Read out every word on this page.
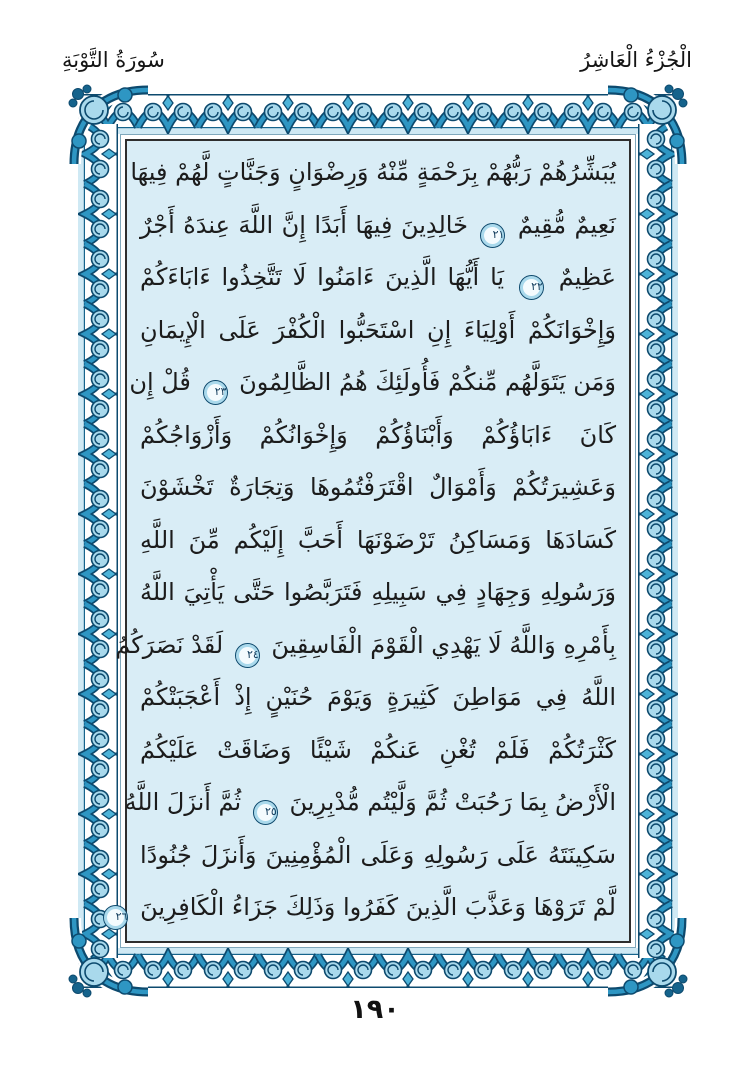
الْجُزْءُ الْعَاشِرُ
سُورَةُ التَّوْبَةِ
يُبَشِّرُهُمْ رَبُّهُمْ بِرَحْمَةٍ مِّنْهُ وَرِضْوَانٍ وَجَنَّاتٍ لَّهُمْ فِيهَا
نَعِيمٌ مُّقِيمٌ ٢١ خَالِدِينَ فِيهَا أَبَدًا إِنَّ اللَّهَ عِندَهُ أَجْرٌ
عَظِيمٌ ٢٢ يَا أَيُّهَا الَّذِينَ ءَامَنُوا لَا تَتَّخِذُوا ءَابَاءَكُمْ
وَإِخْوَانَكُمْ أَوْلِيَاءَ إِنِ اسْتَحَبُّوا الْكُفْرَ عَلَى الْإِيمَانِ
وَمَن يَتَوَلَّهُم مِّنكُمْ فَأُولَئِكَ هُمُ الظَّالِمُونَ ٢٣ قُلْ إِن
كَانَ ءَابَاؤُكُمْ وَأَبْنَاؤُكُمْ وَإِخْوَانُكُمْ وَأَزْوَاجُكُمْ
وَعَشِيرَتُكُمْ وَأَمْوَالٌ اقْتَرَفْتُمُوهَا وَتِجَارَةٌ تَخْشَوْنَ
كَسَادَهَا وَمَسَاكِنُ تَرْضَوْنَهَا أَحَبَّ إِلَيْكُم مِّنَ اللَّهِ
وَرَسُولِهِ وَجِهَادٍ فِي سَبِيلِهِ فَتَرَبَّصُوا حَتَّى يَأْتِيَ اللَّهُ
بِأَمْرِهِ وَاللَّهُ لَا يَهْدِي الْقَوْمَ الْفَاسِقِينَ ٢٤ لَقَدْ نَصَرَكُمُ
اللَّهُ فِي مَوَاطِنَ كَثِيرَةٍ وَيَوْمَ حُنَيْنٍ إِذْ أَعْجَبَتْكُمْ
كَثْرَتُكُمْ فَلَمْ تُغْنِ عَنكُمْ شَيْئًا وَضَاقَتْ عَلَيْكُمُ
الْأَرْضُ بِمَا رَحُبَتْ ثُمَّ وَلَّيْتُم مُّدْبِرِينَ ٢٥ ثُمَّ أَنزَلَ اللَّهُ
سَكِينَتَهُ عَلَى رَسُولِهِ وَعَلَى الْمُؤْمِنِينَ وَأَنزَلَ جُنُودًا
لَّمْ تَرَوْهَا وَعَذَّبَ الَّذِينَ كَفَرُوا وَذَلِكَ جَزَاءُ الْكَافِرِينَ ٢٦
١٩٠
